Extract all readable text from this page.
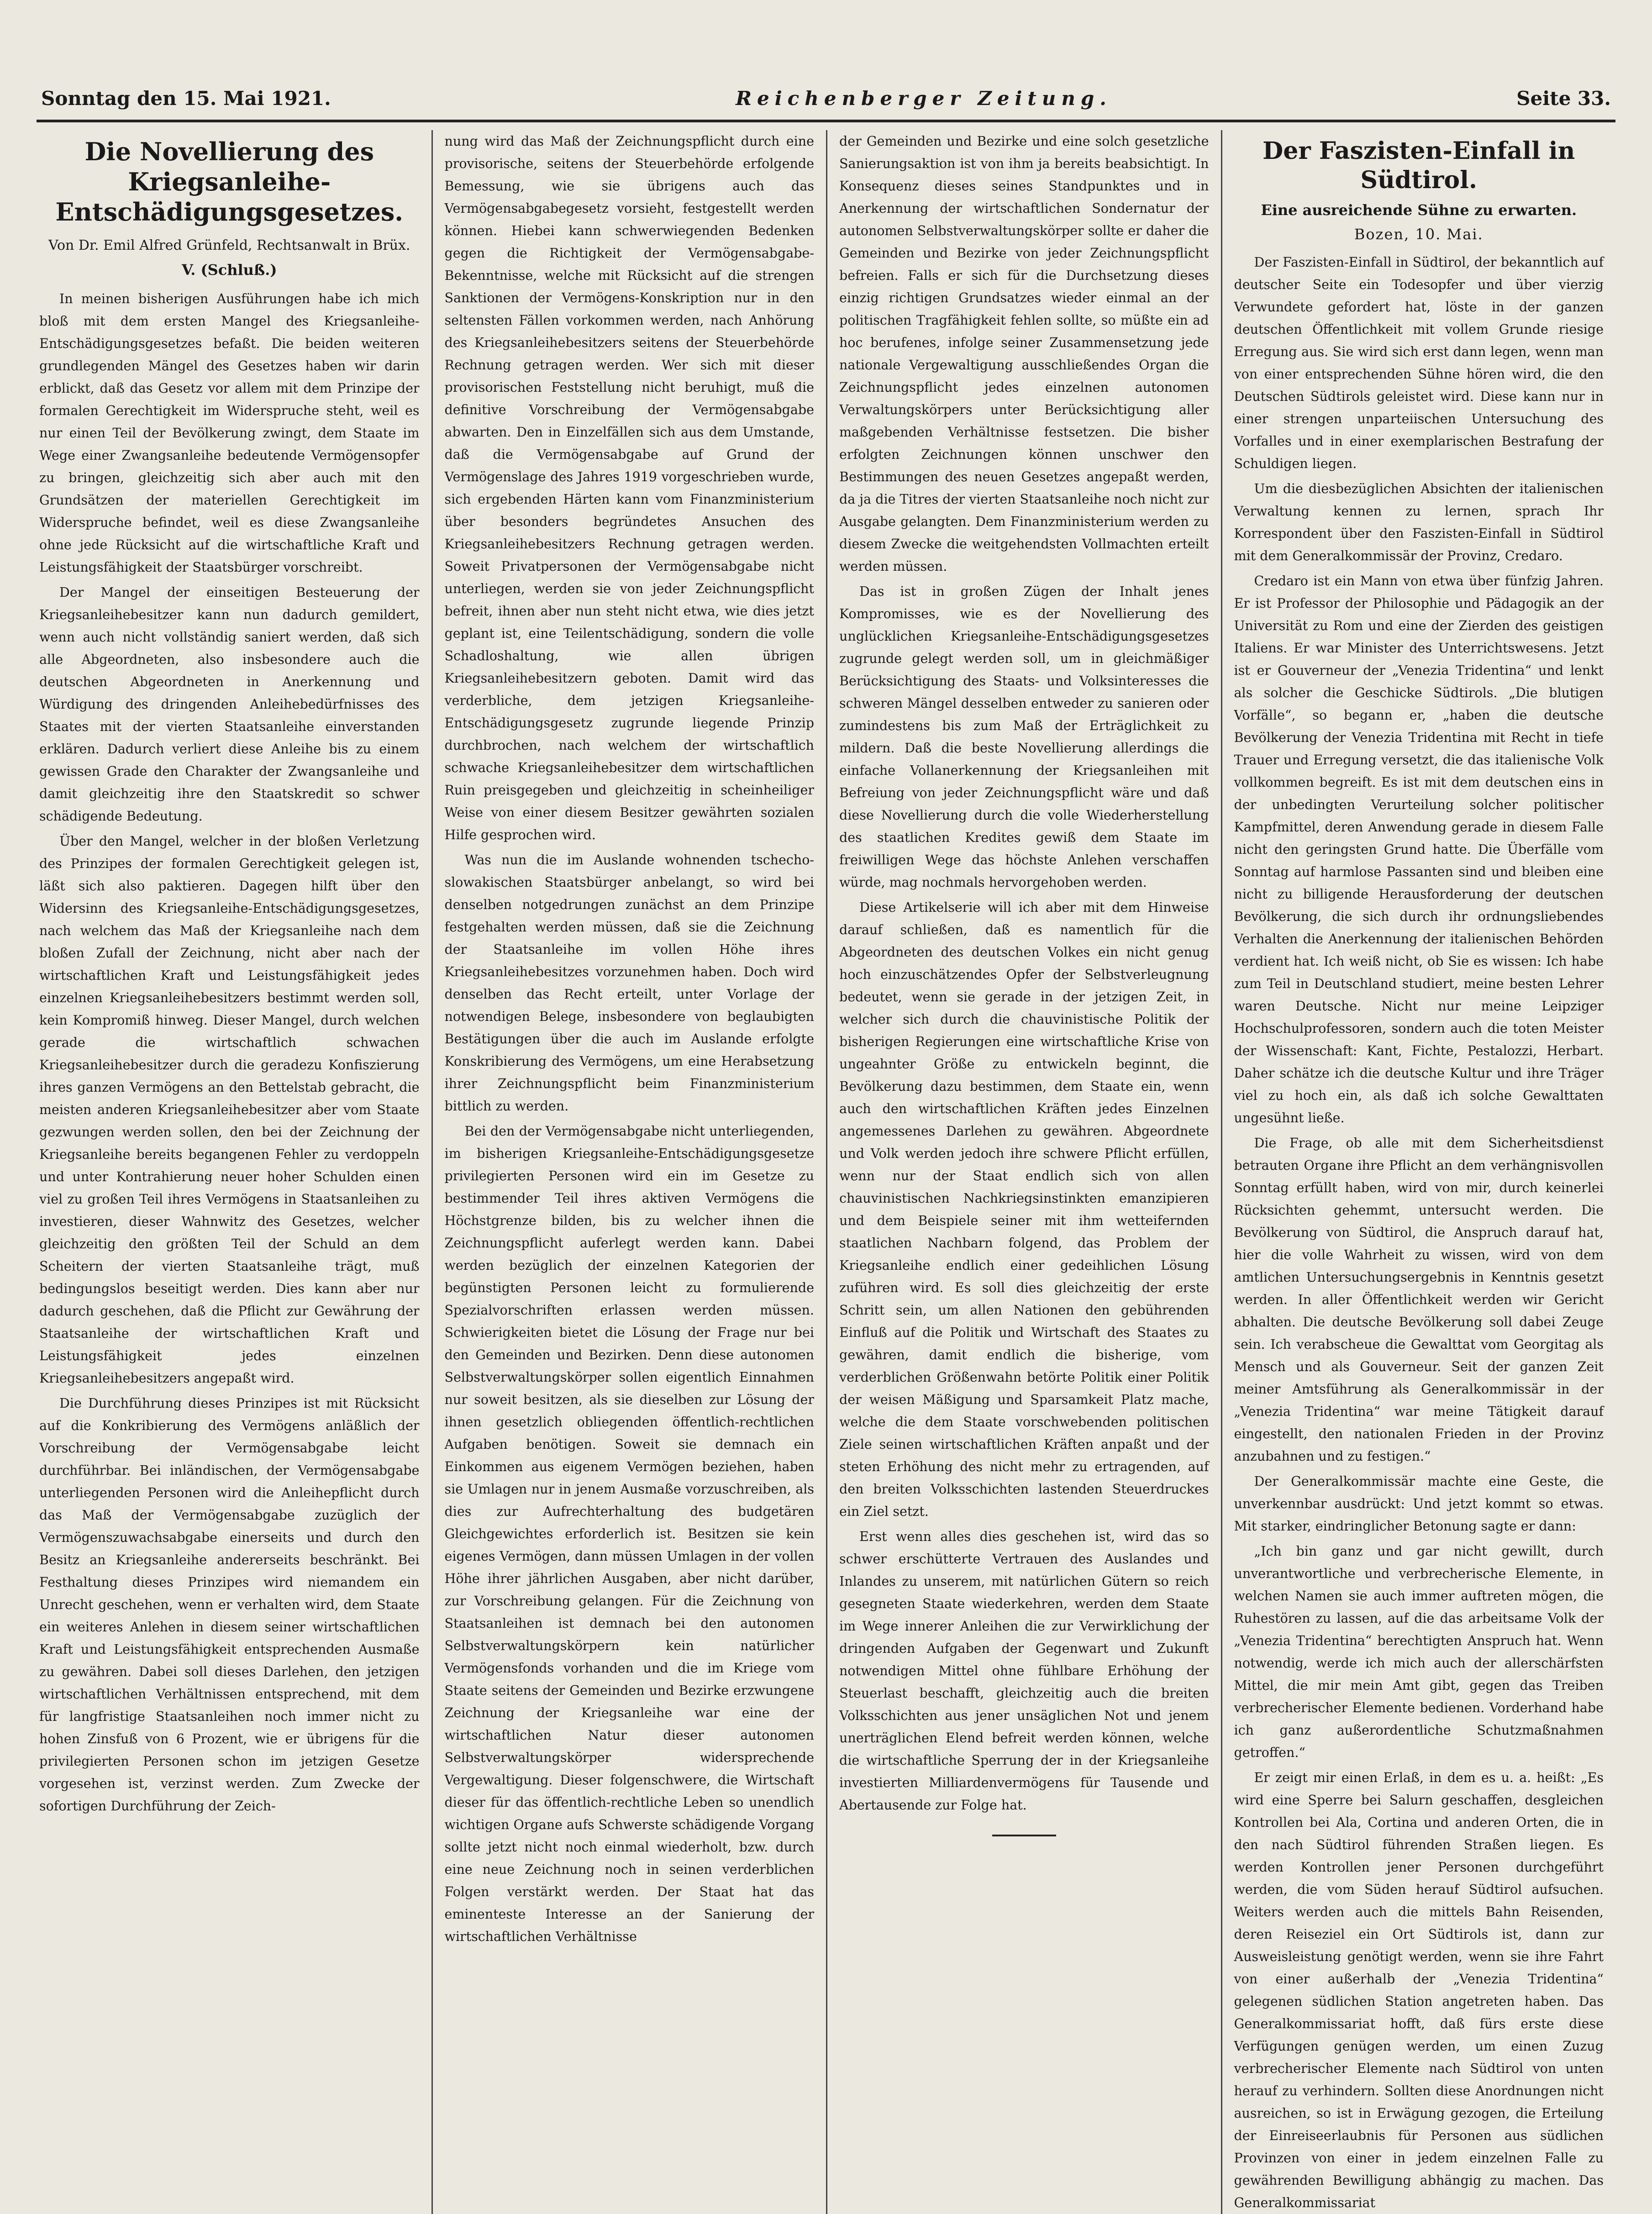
Sonntag den 15. Mai 1921.	Reichenberger Zeitung.	Seite 33.
Die Novellierung des Kriegsanleihe-Entschädigungsgesetzes.
Von Dr. Emil Alfred Grünfeld, Rechtsanwalt in Brüx.
V. (Schluß.)

In meinen bisherigen Ausführungen habe ich mich bloß mit dem ersten Mangel des Kriegsanleihe-Entschädigungsgesetzes befaßt. Die beiden weiteren grundlegenden Mängel des Gesetzes haben wir darin erblickt, daß das Gesetz vor allem mit dem Prinzipe der formalen Gerechtigkeit im Widerspruche steht, weil es nur einen Teil der Bevölkerung zwingt, dem Staate im Wege einer Zwangsanleihe bedeutende Vermögensopfer zu bringen, gleichzeitig sich aber auch mit den Grundsätzen der materiellen Gerechtigkeit im Widerspruche befindet, weil es diese Zwangsanleihe ohne jede Rücksicht auf die wirtschaftliche Kraft und Leistungsfähigkeit der Staatsbürger vorschreibt.

Der Mangel der einseitigen Besteuerung der Kriegsanleihebesitzer kann nun dadurch gemildert, wenn auch nicht vollständig saniert werden, daß sich alle Abgeordneten, also insbesondere auch die deutschen Abgeordneten in Anerkennung und Würdigung des dringenden Anleihebedürfnisses des Staates mit der vierten Staatsanleihe einverstanden erklären. Dadurch verliert diese Anleihe bis zu einem gewissen Grade den Charakter der Zwangsanleihe und damit gleichzeitig ihre den Staatskredit so schwer schädigende Bedeutung.

Über den Mangel, welcher in der bloßen Verletzung des Prinzipes der formalen Gerechtigkeit gelegen ist, läßt sich also paktieren. Dagegen hilft über den Widersinn des Kriegsanleihe-Entschädigungsgesetzes, nach welchem das Maß der Kriegsanleihe nach dem bloßen Zufall der Zeichnung, nicht aber nach der wirtschaftlichen Kraft und Leistungsfähigkeit jedes einzelnen Kriegsanleihebesitzers bestimmt werden soll, kein Kompromiß hinweg. Dieser Mangel, durch welchen gerade die wirtschaftlich schwachen Kriegsanleihebesitzer durch die geradezu Konfiszierung ihres ganzen Vermögens an den Bettelstab gebracht, die meisten anderen Kriegsanleihebesitzer aber vom Staate gezwungen werden sollen, den bei der Zeichnung der Kriegsanleihe bereits begangenen Fehler zu verdoppeln und unter Kontrahierung neuer hoher Schulden einen viel zu großen Teil ihres Vermögens in Staatsanleihen zu investieren, dieser Wahnwitz des Gesetzes, welcher gleichzeitig den größten Teil der Schuld an dem Scheitern der vierten Staatsanleihe trägt, muß bedingungslos beseitigt werden. Dies kann aber nur dadurch geschehen, daß die Pflicht zur Gewährung der Staatsanleihe der wirtschaftlichen Kraft und Leistungsfähigkeit jedes einzelnen Kriegsanleihebesitzers angepaßt wird.

Die Durchführung dieses Prinzipes ist mit Rücksicht auf die Konkribierung des Vermögens anläßlich der Vorschreibung der Vermögensabgabe leicht durchführbar. Bei inländischen, der Vermögensabgabe unterliegenden Personen wird die Anleihepflicht durch das Maß der Vermögensabgabe zuzüglich der Vermögenszuwachsabgabe einerseits und durch den Besitz an Kriegsanleihe andererseits beschränkt. Bei Festhaltung dieses Prinzipes wird niemandem ein Unrecht geschehen, wenn er verhalten wird, dem Staate ein weiteres Anlehen in diesem seiner wirtschaftlichen Kraft und Leistungsfähigkeit entsprechenden Ausmaße zu gewähren. Dabei soll dieses Darlehen, den jetzigen wirtschaftlichen Verhältnissen entsprechend, mit dem für langfristige Staatsanleihen noch immer nicht zu hohen Zinsfuß von 6 Prozent, wie er übrigens für die privilegierten Personen schon im jetzigen Gesetze vorgesehen ist, verzinst werden. Zum Zwecke der sofortigen Durchführung der Zeich-

nung wird das Maß der Zeichnungspflicht durch eine provisorische, seitens der Steuerbehörde erfolgende Bemessung, wie sie übrigens auch das Vermögensabgabegesetz vorsieht, festgestellt werden können. Hiebei kann schwerwiegenden Bedenken gegen die Richtigkeit der Vermögensabgabe-Bekenntnisse, welche mit Rücksicht auf die strengen Sanktionen der Vermögens-Konskription nur in den seltensten Fällen vorkommen werden, nach Anhörung des Kriegsanleihebesitzers seitens der Steuerbehörde Rechnung getragen werden. Wer sich mit dieser provisorischen Feststellung nicht beruhigt, muß die definitive Vorschreibung der Vermögensabgabe abwarten. Den in Einzelfällen sich aus dem Umstande, daß die Vermögensabgabe auf Grund der Vermögenslage des Jahres 1919 vorgeschrieben wurde, sich ergebenden Härten kann vom Finanzministerium über besonders begründetes Ansuchen des Kriegsanleihebesitzers Rechnung getragen werden. Soweit Privatpersonen der Vermögensabgabe nicht unterliegen, werden sie von jeder Zeichnungspflicht befreit, ihnen aber nun steht nicht etwa, wie dies jetzt geplant ist, eine Teilentschädigung, sondern die volle Schadloshaltung, wie allen übrigen Kriegsanleihebesitzern geboten. Damit wird das verderbliche, dem jetzigen Kriegsanleihe-Entschädigungsgesetz zugrunde liegende Prinzip durchbrochen, nach welchem der wirtschaftlich schwache Kriegsanleihebesitzer dem wirtschaftlichen Ruin preisgegeben und gleichzeitig in scheinheiliger Weise von einer diesem Besitzer gewährten sozialen Hilfe gesprochen wird.

Was nun die im Auslande wohnenden tschecho-slowakischen Staatsbürger anbelangt, so wird bei denselben notgedrungen zunächst an dem Prinzipe festgehalten werden müssen, daß sie die Zeichnung der Staatsanleihe im vollen Höhe ihres Kriegsanleihebesitzes vorzunehmen haben. Doch wird denselben das Recht erteilt, unter Vorlage der notwendigen Belege, insbesondere von beglaubigten Bestätigungen über die auch im Auslande erfolgte Konskribierung des Vermögens, um eine Herabsetzung ihrer Zeichnungspflicht beim Finanzministerium bittlich zu werden.

Bei den der Vermögensabgabe nicht unterliegenden, im bisherigen Kriegsanleihe-Entschädigungsgesetze privilegierten Personen wird ein im Gesetze zu bestimmender Teil ihres aktiven Vermögens die Höchstgrenze bilden, bis zu welcher ihnen die Zeichnungspflicht auferlegt werden kann. Dabei werden bezüglich der einzelnen Kategorien der begünstigten Personen leicht zu formulierende Spezialvorschriften erlassen werden müssen. Schwierigkeiten bietet die Lösung der Frage nur bei den Gemeinden und Bezirken. Denn diese autonomen Selbstverwaltungskörper sollen eigentlich Einnahmen nur soweit besitzen, als sie dieselben zur Lösung der ihnen gesetzlich obliegenden öffentlich-rechtlichen Aufgaben benötigen. Soweit sie demnach ein Einkommen aus eigenem Vermögen beziehen, haben sie Umlagen nur in jenem Ausmaße vorzuschreiben, als dies zur Aufrechterhaltung des budgetären Gleichgewichtes erforderlich ist. Besitzen sie kein eigenes Vermögen, dann müssen Umlagen in der vollen Höhe ihrer jährlichen Ausgaben, aber nicht darüber, zur Vorschreibung gelangen. Für die Zeichnung von Staatsanleihen ist demnach bei den autonomen Selbstverwaltungskörpern kein natürlicher Vermögensfonds vorhanden und die im Kriege vom Staate seitens der Gemeinden und Bezirke erzwungene Zeichnung der Kriegsanleihe war eine der wirtschaftlichen Natur dieser autonomen Selbstverwaltungskörper widersprechende Vergewaltigung. Dieser folgenschwere, die Wirtschaft dieser für das öffentlich-rechtliche Leben so unendlich wichtigen Organe aufs Schwerste schädigende Vorgang sollte jetzt nicht noch einmal wiederholt, bzw. durch eine neue Zeichnung noch in seinen verderblichen Folgen verstärkt werden. Der Staat hat das eminenteste Interesse an der Sanierung der wirtschaftlichen Verhältnisse

der Gemeinden und Bezirke und eine solch gesetzliche Sanierungsaktion ist von ihm ja bereits beabsichtigt. In Konsequenz dieses seines Standpunktes und in Anerkennung der wirtschaftlichen Sondernatur der autonomen Selbstverwaltungskörper sollte er daher die Gemeinden und Bezirke von jeder Zeichnungspflicht befreien. Falls er sich für die Durchsetzung dieses einzig richtigen Grundsatzes wieder einmal an der politischen Tragfähigkeit fehlen sollte, so müßte ein ad hoc berufenes, infolge seiner Zusammensetzung jede nationale Vergewaltigung ausschließendes Organ die Zeichnungspflicht jedes einzelnen autonomen Verwaltungskörpers unter Berücksichtigung aller maßgebenden Verhältnisse festsetzen. Die bisher erfolgten Zeichnungen können unschwer den Bestimmungen des neuen Gesetzes angepaßt werden, da ja die Titres der vierten Staatsanleihe noch nicht zur Ausgabe gelangten. Dem Finanzministerium werden zu diesem Zwecke die weitgehendsten Vollmachten erteilt werden müssen.

Das ist in großen Zügen der Inhalt jenes Kompromisses, wie es der Novellierung des unglücklichen Kriegsanleihe-Entschädigungsgesetzes zugrunde gelegt werden soll, um in gleichmäßiger Berücksichtigung des Staats- und Volksinteresses die schweren Mängel desselben entweder zu sanieren oder zumindestens bis zum Maß der Erträglichkeit zu mildern. Daß die beste Novellierung allerdings die einfache Vollanerkennung der Kriegsanleihen mit Befreiung von jeder Zeichnungspflicht wäre und daß diese Novellierung durch die volle Wiederherstellung des staatlichen Kredites gewiß dem Staate im freiwilligen Wege das höchste Anlehen verschaffen würde, mag nochmals hervorgehoben werden.

Diese Artikelserie will ich aber mit dem Hinweise darauf schließen, daß es namentlich für die Abgeordneten des deutschen Volkes ein nicht genug hoch einzuschätzendes Opfer der Selbstverleugnung bedeutet, wenn sie gerade in der jetzigen Zeit, in welcher sich durch die chauvinistische Politik der bisherigen Regierungen eine wirtschaftliche Krise von ungeahnter Größe zu entwickeln beginnt, die Bevölkerung dazu bestimmen, dem Staate ein, wenn auch den wirtschaftlichen Kräften jedes Einzelnen angemessenes Darlehen zu gewähren. Abgeordnete und Volk werden jedoch ihre schwere Pflicht erfüllen, wenn nur der Staat endlich sich von allen chauvinistischen Nachkriegsinstinkten emanzipieren und dem Beispiele seiner mit ihm wetteifernden staatlichen Nachbarn folgend, das Problem der Kriegsanleihe endlich einer gedeihlichen Lösung zuführen wird. Es soll dies gleichzeitig der erste Schritt sein, um allen Nationen den gebührenden Einfluß auf die Politik und Wirtschaft des Staates zu gewähren, damit endlich die bisherige, vom verderblichen Größenwahn betörte Politik einer Politik der weisen Mäßigung und Sparsamkeit Platz mache, welche die dem Staate vorschwebenden politischen Ziele seinen wirtschaftlichen Kräften anpaßt und der steten Erhöhung des nicht mehr zu ertragenden, auf den breiten Volksschichten lastenden Steuerdruckes ein Ziel setzt.

Erst wenn alles dies geschehen ist, wird das so schwer erschütterte Vertrauen des Auslandes und Inlandes zu unserem, mit natürlichen Gütern so reich gesegneten Staate wiederkehren, werden dem Staate im Wege innerer Anleihen die zur Verwirklichung der dringenden Aufgaben der Gegenwart und Zukunft notwendigen Mittel ohne fühlbare Erhöhung der Steuerlast beschafft, gleichzeitig auch die breiten Volksschichten aus jener unsäglichen Not und jenem unerträglichen Elend befreit werden können, welche die wirtschaftliche Sperrung der in der Kriegsanleihe investierten Milliardenvermögens für Tausende und Abertausende zur Folge hat.

Der Faszisten-Einfall in Südtirol.
Eine ausreichende Sühne zu erwarten.
Bozen, 10. Mai.

Der Faszisten-Einfall in Südtirol, der bekanntlich auf deutscher Seite ein Todesopfer und über vierzig Verwundete gefordert hat, löste in der ganzen deutschen Öffentlichkeit mit vollem Grunde riesige Erregung aus. Sie wird sich erst dann legen, wenn man von einer entsprechenden Sühne hören wird, die den Deutschen Südtirols geleistet wird. Diese kann nur in einer strengen unparteiischen Untersuchung des Vorfalles und in einer exemplarischen Bestrafung der Schuldigen liegen.

Um die diesbezüglichen Absichten der italienischen Verwaltung kennen zu lernen, sprach Ihr Korrespondent über den Faszisten-Einfall in Südtirol mit dem Generalkommissär der Provinz, Credaro.

Credaro ist ein Mann von etwa über fünfzig Jahren. Er ist Professor der Philosophie und Pädagogik an der Universität zu Rom und eine der Zierden des geistigen Italiens. Er war Minister des Unterrichtswesens. Jetzt ist er Gouverneur der „Venezia Tridentina“ und lenkt als solcher die Geschicke Südtirols. „Die blutigen Vorfälle“, so begann er, „haben die deutsche Bevölkerung der Venezia Tridentina mit Recht in tiefe Trauer und Erregung versetzt, die das italienische Volk vollkommen begreift. Es ist mit dem deutschen eins in der unbedingten Verurteilung solcher politischer Kampfmittel, deren Anwendung gerade in diesem Falle nicht den geringsten Grund hatte. Die Überfälle vom Sonntag auf harmlose Passanten sind und bleiben eine nicht zu billigende Herausforderung der deutschen Bevölkerung, die sich durch ihr ordnungsliebendes Verhalten die Anerkennung der italienischen Behörden verdient hat. Ich weiß nicht, ob Sie es wissen: Ich habe zum Teil in Deutschland studiert, meine besten Lehrer waren Deutsche. Nicht nur meine Leipziger Hochschulprofessoren, sondern auch die toten Meister der Wissenschaft: Kant, Fichte, Pestalozzi, Herbart. Daher schätze ich die deutsche Kultur und ihre Träger viel zu hoch ein, als daß ich solche Gewalttaten ungesühnt ließe.

Die Frage, ob alle mit dem Sicherheitsdienst betrauten Organe ihre Pflicht an dem verhängnisvollen Sonntag erfüllt haben, wird von mir, durch keinerlei Rücksichten gehemmt, untersucht werden. Die Bevölkerung von Südtirol, die Anspruch darauf hat, hier die volle Wahrheit zu wissen, wird von dem amtlichen Untersuchungsergebnis in Kenntnis gesetzt werden. In aller Öffentlichkeit werden wir Gericht abhalten. Die deutsche Bevölkerung soll dabei Zeuge sein. Ich verabscheue die Gewalttat vom Georgitag als Mensch und als Gouverneur. Seit der ganzen Zeit meiner Amtsführung als Generalkommissär in der „Venezia Tridentina“ war meine Tätigkeit darauf eingestellt, den nationalen Frieden in der Provinz anzubahnen und zu festigen.“

Der Generalkommissär machte eine Geste, die unverkennbar ausdrückt: Und jetzt kommt so etwas. Mit starker, eindringlicher Betonung sagte er dann:

„Ich bin ganz und gar nicht gewillt, durch unverantwortliche und verbrecherische Elemente, in welchen Namen sie auch immer auftreten mögen, die Ruhestören zu lassen, auf die das arbeitsame Volk der „Venezia Tridentina“ berechtigten Anspruch hat. Wenn notwendig, werde ich mich auch der allerschärfsten Mittel, die mir mein Amt gibt, gegen das Treiben verbrecherischer Elemente bedienen. Vorderhand habe ich ganz außerordentliche Schutzmaßnahmen getroffen.“

Er zeigt mir einen Erlaß, in dem es u. a. heißt: „Es wird eine Sperre bei Salurn geschaffen, desgleichen Kontrollen bei Ala, Cortina und anderen Orten, die in den nach Südtirol führenden Straßen liegen. Es werden Kontrollen jener Personen durchgeführt werden, die vom Süden herauf Südtirol aufsuchen. Weiters werden auch die mittels Bahn Reisenden, deren Reiseziel ein Ort Südtirols ist, dann zur Ausweisleistung genötigt werden, wenn sie ihre Fahrt von einer außerhalb der „Venezia Tridentina“ gelegenen südlichen Station angetreten haben. Das Generalkommissariat hofft, daß fürs erste diese Verfügungen genügen werden, um einen Zuzug verbrecherischer Elemente nach Südtirol von unten herauf zu verhindern. Sollten diese Anordnungen nicht ausreichen, so ist in Erwägung gezogen, die Erteilung der Einreiseerlaubnis für Personen aus südlichen Provinzen von einer in jedem einzelnen Falle zu gewährenden Bewilligung abhängig zu machen. Das Generalkommissariat
